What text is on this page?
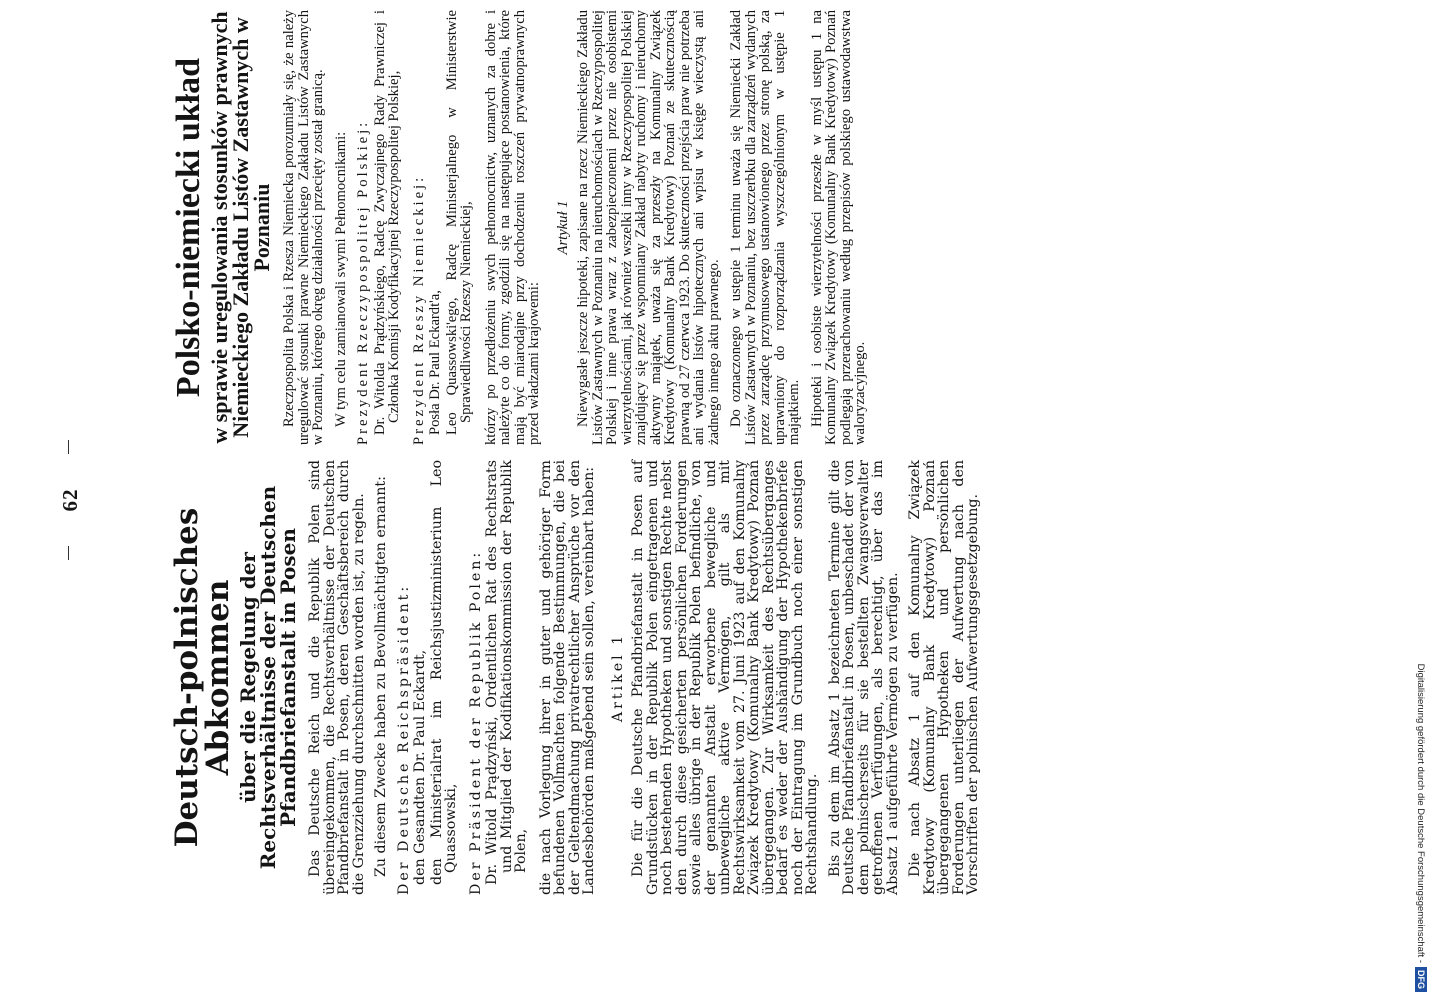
62
Deutsch-polnisches Abkommen über die Regelung der Rechtsverhältnisse der Deutschen Pfandbriefanstalt in Posen Das Deutsche Reich und die Republik Polen sind übereingekommen, die Rechtsverhältnisse der Deutschen Pfandbriefanstalt in Posen, deren Geschäftsbereich durch die Grenzziehung durchschnitten worden ist, zu regeln. Zu diesem Zwecke haben zu Bevollmächtigten ernannt: Der Deutsche Reichspräsident: den Gesandten Dr. Paul Eckardt, den Ministerialrat im Reichsjustizministerium Leo Quassowski, Der Präsident der Republik Polen: Dr. Witold Prądzyński, Ordentlichen Rat des Rechtsrats und Mitglied der Kodifikationskommission der Republik Polen, die nach Vorlegung ihrer in guter und gehöriger Form befundenen Vollmachten folgende Bestimmungen, die bei der Geltendmachung privatrechtlicher Ansprüche vor den Landesbehörden maßgebend sein sollen, vereinbart haben: Artikel 1 Die für die Deutsche Pfandbriefanstalt in Posen auf Grundstücken in der Republik Polen eingetragenen und noch bestehenden Hypotheken und sonstigen Rechte nebst den durch diese gesicherten persönlichen Forderungen sowie alles übrige in der Republik Polen befindliche, von der genannten Anstalt erworbene bewegliche und unbewegliche aktive Vermögen, gilt als mit Rechtswirksamkeit vom 27. Juni 1923 auf den Komunalny Związek Kredytowy (Komunalny Bank Kredytowy) Poznań übergegangen. Zur Wirksamkeit des Rechtsüberganges bedarf es weder der Aushändigung der Hypothekenbriefe noch der Eintragung im Grundbuch noch einer sonstigen Rechtshandlung. Bis zu dem im Absatz 1 bezeichneten Termine gilt die Deutsche Pfandbriefanstalt in Posen, unbeschadet der von dem polnischerseits für sie bestellten Zwangsverwalter getroffenen Verfügungen, als berechtigt, über das im Absatz 1 aufgeführte Vermögen zu verfügen. Die nach Absatz 1 auf den Komunalny Związek Kredytowy (Komunalny Bank Kredytowy) Poznań übergegangenen Hypotheken und persönlichen Forderungen unterliegen der Aufwertung nach den Vorschriften der polnischen Aufwertungsgesetzgebung.

Polsko-niemiecki układ w sprawie uregulowania stosunków prawnych Niemieckiego Zakładu Listów Zastawnych w Poznaniu Rzeczpospolita Polska i Rzesza Niemiecka porozumiały się, że należy uregulować stosunki prawne Niemieckiego Zakładu Listów Zastawnych w Poznaniu, którego okręg działalności przecięty został granicą. W tym celu zamianowali swymi Pełnomocnikami: Prezydent Rzeczypospolitej Polskiej: Dr. Witolda Prądzyńskiego, Radcę Zwyczajnego Rady Prawniczej i Członka Komisji Kodyfikacyjnej Rzeczypospolitej Polskiej, Prezydent Rzeszy Niemieckiej: Posła Dr. Paul Eckardt'a, Leo Quassowski'ego, Radcę Ministerjalnego w Ministerstwie Sprawiedliwości Rzeszy Niemieckiej, którzy po przedłożeniu swych pełnomocnictw, uznanych za dobre i należyte co do formy, zgodzili się na następujące postanowienia, które mają być miarodajne przy dochodzeniu roszczeń prywatnoprawnych przed władzami krajowemi:

Artykuł 1 Niewygasłe jeszcze hipoteki, zapisane na rzecz Niemieckiego Zakładu Listów Zastawnych w Poznaniu na nieruchomościach w Rzeczypospolitej Polskiej i inne prawa wraz z zabezpieczonemi przez nie osobistemi wierzytelnościami, jak również wszelki inny w Rzeczypospolitej Polskiej znajdujący się przez wspomniany Zakład nabyty ruchomy i nieruchomy aktywny majątek, uważa się za przeszły na Komunalny Związek Kredytowy (Komunalny Bank Kredytowy) Poznań ze skutecznością prawną od 27 czerwca 1923. Do skuteczności przejścia praw nie potrzeba ani wydania listów hipotecznych ani wpisu w księge wieczystą ani żadnego innego aktu prawnego. Do oznaczonego w ustępie 1 terminu uważa się Niemiecki Zakład Listów Zastawnych w Poznaniu, bez uszczerbku dla zarządzeń wydanych przez zarządcę przymusowego ustanowionego przez stronę polską, za uprawniony do rozporządzania wyszczególnionym w ustępie 1 majątkiem. Hipoteki i osobiste wierzytelności przeszłe w myśl ustępu 1 na Komunalny Związek Kredytowy (Komunalny Bank Kredytowy) Poznań podlegają przerachowaniu według przepisów polskiego ustawodawstwa waloryzacyjnego.

Digitalisierung gefördert durch die Deutsche Forschungsgemeinschaft -
DFG
